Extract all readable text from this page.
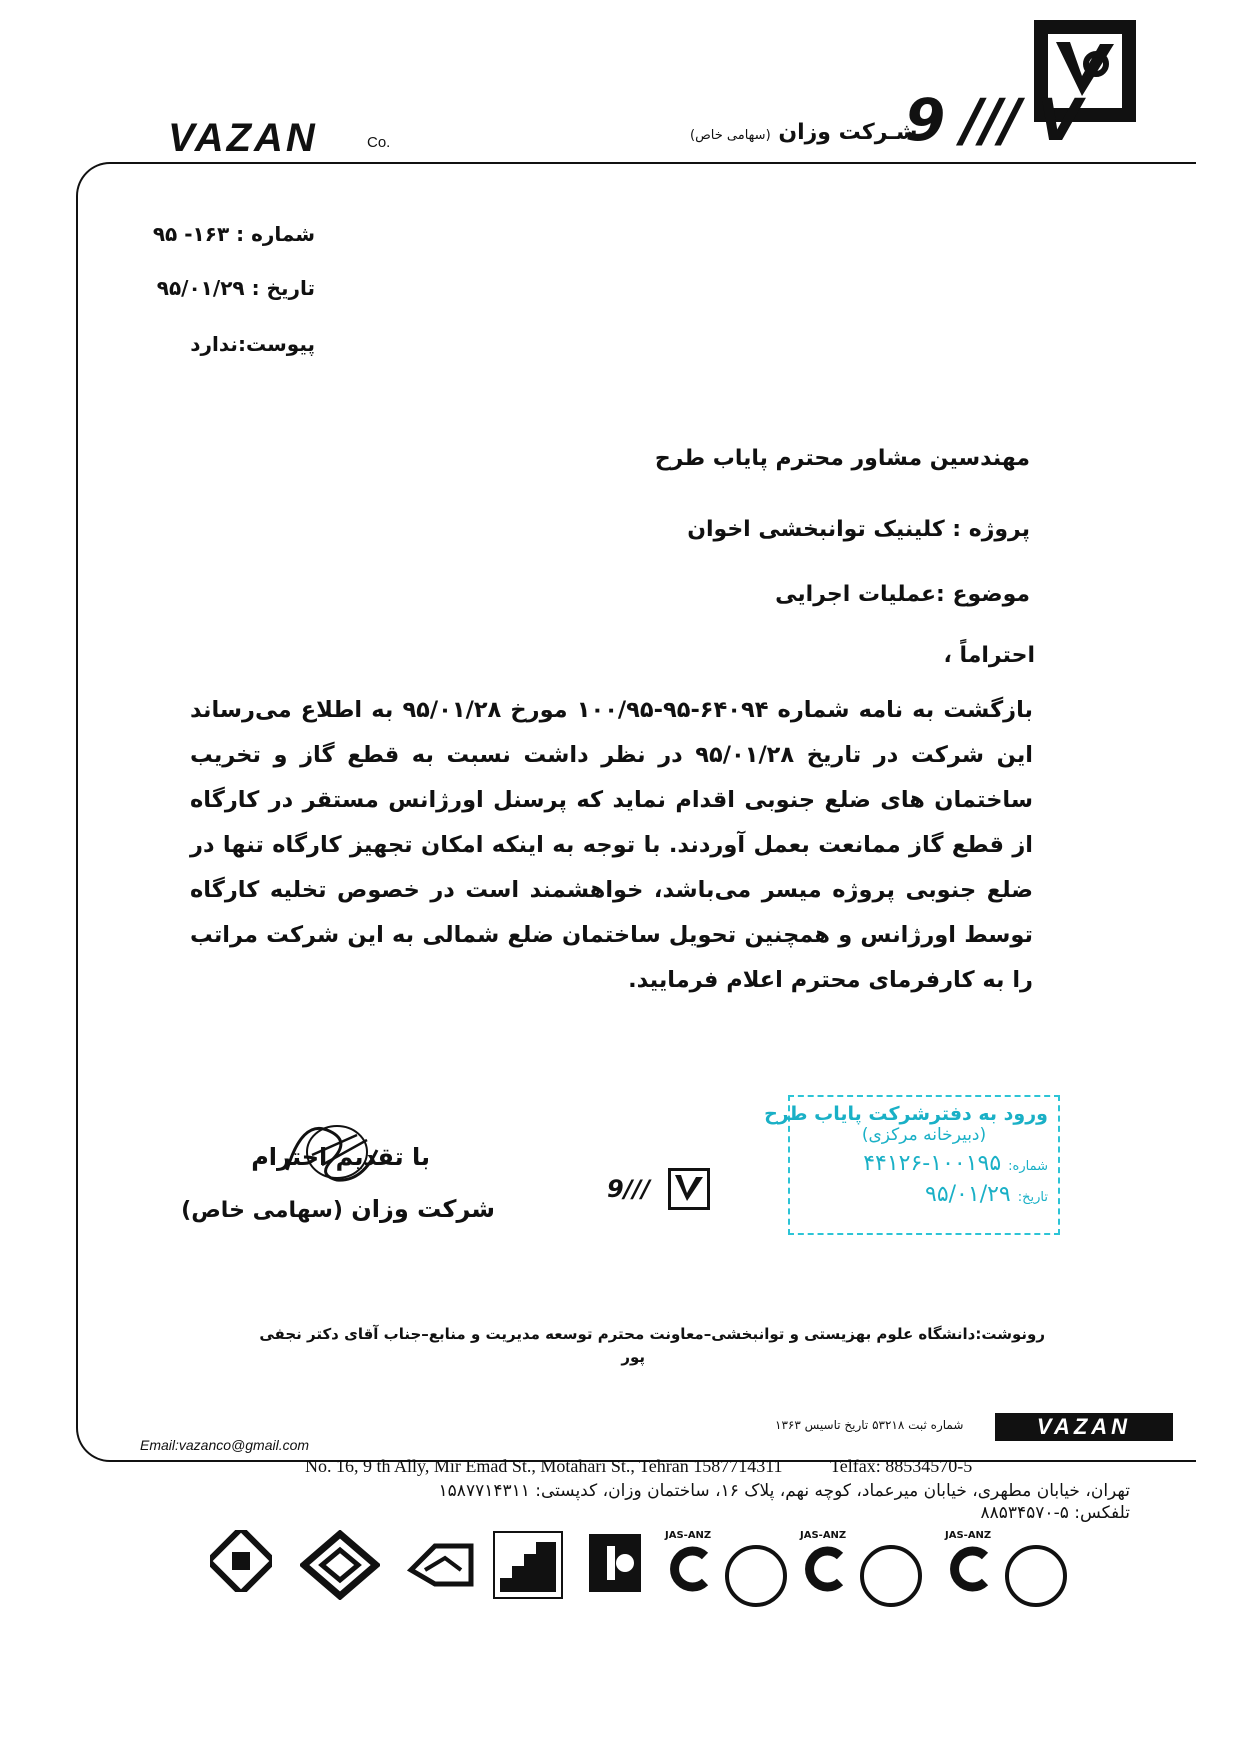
9 /// V
شـرکت وزان (سهامی خاص)
VAZAN	Co.
شماره : ۱۶۳- ۹۵
تاریخ : ۹۵/۰۱/۲۹
پیوست:ندارد
مهندسین مشاور محترم پایاب طرح
پروژه : کلینیک توانبخشی اخوان
موضوع :عملیات اجرایی
احتراماً ،
بازگشت به نامه شماره ۶۴۰۹۴-۹۵-۱۰۰/۹۵ مورخ ۹۵/۰۱/۲۸ به اطلاع می‌رساند این شرکت در تاریخ ۹۵/۰۱/۲۸ در نظر داشت نسبت به قطع گاز و تخریب ساختمان های ضلع جنوبی اقدام نماید که پرسنل اورژانس مستقر در کارگاه از قطع گاز ممانعت بعمل آوردند. با توجه به اینکه امکان تجهیز کارگاه تنها در ضلع جنوبی پروژه میسر می‌باشد، خواهشمند است در خصوص تخلیه کارگاه توسط اورژانس و همچنین تحویل ساختمان ضلع شمالی به این شرکت مراتب را به کارفرمای محترم اعلام فرمایید.
با تقدیم احترام
شرکت وزان (سهامی خاص)
9///
ورود به دفترشرکت پایاب طرح
(دبیرخانه مرکزی)
شماره: ۱۰۰۱۹۵-۴۴۱۲۶
تاریخ: ۹۵/۰۱/۲۹
رونوشت:دانشگاه علوم بهزیستی و توانبخشی–معاونت محترم توسعه مدیریت و منابع–جناب آقای دکتر نجفی
پور
VAZAN
شماره ثبت ۵۳۲۱۸ تاریخ تاسیس ۱۳۶۳
Email:vazanco@gmail.com
No. 16, 9 th Ally, Mir Emad St., Motahari St., Tehran 1587714311	Telfax: 88534570-5
تهران، خیابان مطهری، خیابان میرعماد، کوچه نهم، پلاک ۱۶، ساختمان وزان، کدپستی: ۱۵۸۷۷۱۴۳۱۱
تلفکس: ۵-۸۸۵۳۴۵۷۰
JAS-ANZ	JAS-ANZ	JAS-ANZ
